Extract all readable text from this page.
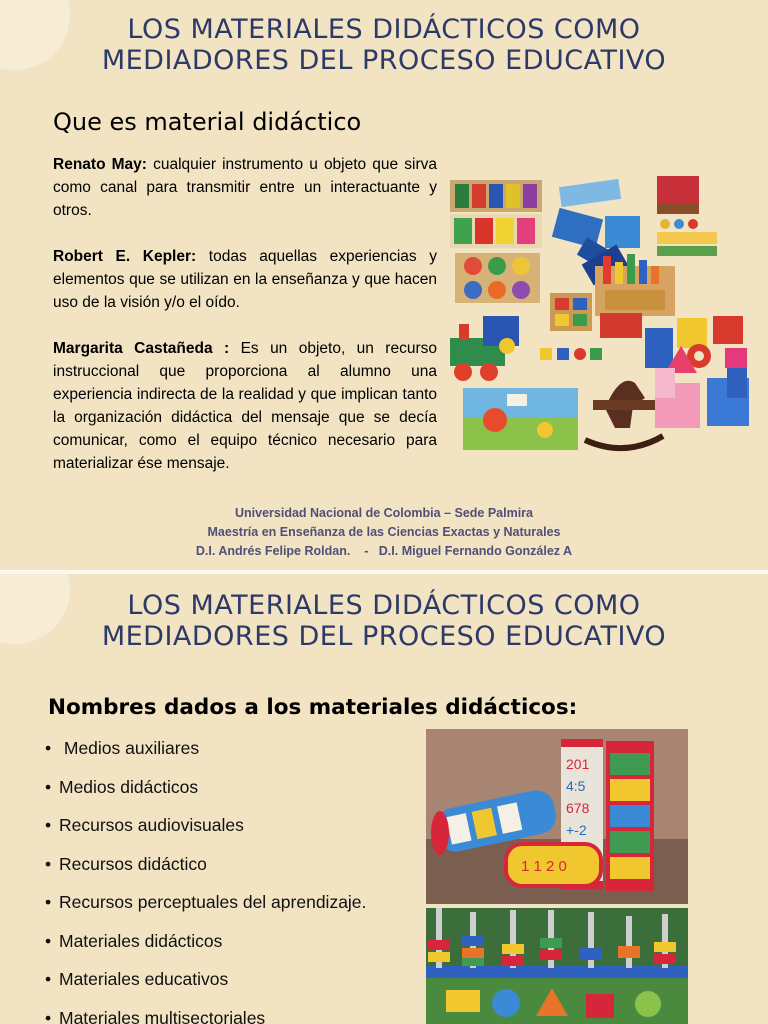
LOS MATERIALES DIDÁCTICOS COMO
MEDIADORES DEL PROCESO EDUCATIVO
Que es material didáctico

Renato May: cualquier instrumento u objeto que sirva como canal para transmitir entre un interactuante y otros.

Robert E. Kepler: todas aquellas experiencias y elementos que se utilizan en la enseñanza y que hacen uso de la visión y/o el oído.

Margarita Castañeda : Es un objeto, un recurso instruccional que proporciona al alumno una experiencia indirecta de la realidad y que implican tanto la organización didáctica del mensaje que se decía comunicar, como el equipo técnico necesario para materializar ése mensaje.

Universidad Nacional de Colombia – Sede Palmira
Maestría en Enseñanza de las Ciencias Exactas y Naturales
D.I. Andrés Felipe Roldan.    -   D.I. Miguel Fernando González A
LOS MATERIALES DIDÁCTICOS COMO
MEDIADORES DEL PROCESO EDUCATIVO
Nombres dados a los materiales didácticos:
• Medios auxiliares
• Medios didácticos
• Recursos audiovisuales
• Recursos didáctico
• Recursos perceptuales del aprendizaje.
• Materiales didácticos
• Materiales educativos
• Materiales multisectoriales
201
4:5
678
+-2
1 1 2 0
